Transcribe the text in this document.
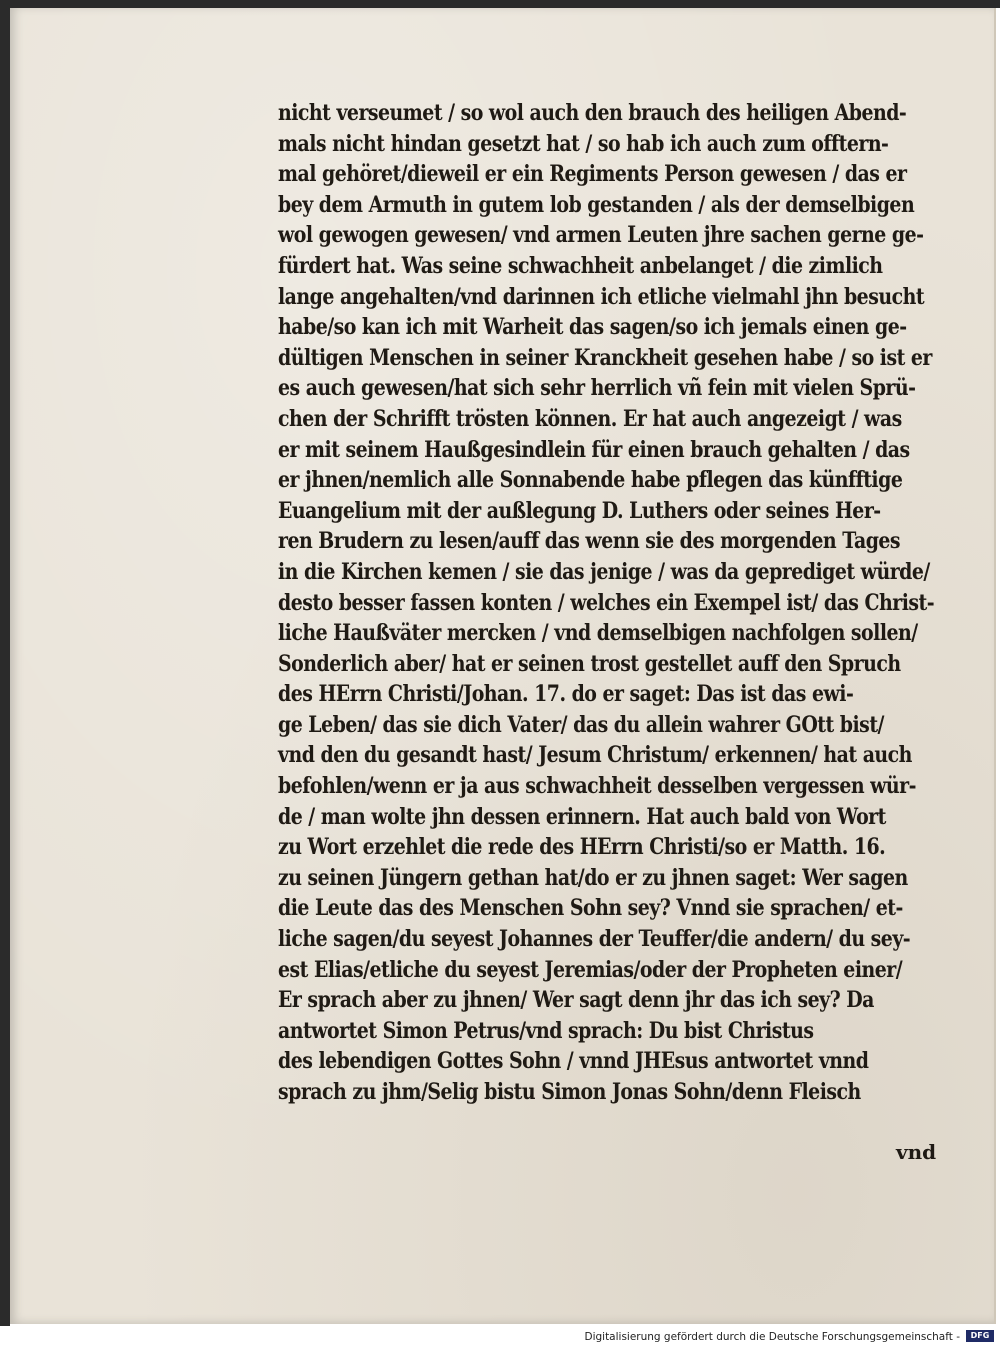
nicht verseumet / so wol auch den brauch des heiligen Abend-
mals nicht hindan gesetzt hat / so hab ich auch zum offtern-
mal gehöret/dieweil er ein Regiments Person gewesen / das er
bey dem Armuth in gutem lob gestanden / als der demselbigen
wol gewogen gewesen/ vnd armen Leuten jhre sachen gerne ge-
fürdert hat. Was seine schwachheit anbelanget / die zimlich
lange angehalten/vnd darinnen ich etliche vielmahl jhn besucht
habe/so kan ich mit Warheit das sagen/so ich jemals einen ge-
dültigen Menschen in seiner Kranckheit gesehen habe / so ist er
es auch gewesen/hat sich sehr herrlich vñ fein mit vielen Sprü-
chen der Schrifft trösten können. Er hat auch angezeigt / was
er mit seinem Haußgesindlein für einen brauch gehalten / das
er jhnen/nemlich alle Sonnabende habe pflegen das künfftige
Euangelium mit der außlegung D. Luthers oder seines Her-
ren Brudern zu lesen/auff das wenn sie des morgenden Tages
in die Kirchen kemen / sie das jenige / was da geprediget würde/
desto besser fassen konten / welches ein Exempel ist/ das Christ-
liche Haußväter mercken / vnd demselbigen nachfolgen sollen/
Sonderlich aber/ hat er seinen trost gestellet auff den Spruch
des HErrn Christi/Johan. 17. do er saget: Das ist das ewi-
ge Leben/ das sie dich Vater/ das du allein wahrer GOtt bist/
vnd den du gesandt hast/ Jesum Christum/ erkennen/ hat auch
befohlen/wenn er ja aus schwachheit desselben vergessen wür-
de / man wolte jhn dessen erinnern. Hat auch bald von Wort
zu Wort erzehlet die rede des HErrn Christi/so er Matth. 16.
zu seinen Jüngern gethan hat/do er zu jhnen saget: Wer sagen
die Leute das des Menschen Sohn sey? Vnnd sie sprachen/ et-
liche sagen/du seyest Johannes der Teuffer/die andern/ du sey-
est Elias/etliche du seyest Jeremias/oder der Propheten einer/
Er sprach aber zu jhnen/ Wer sagt denn jhr das ich sey? Da
antwortet Simon Petrus/vnd sprach: Du bist Christus
des lebendigen Gottes Sohn / vnnd JHEsus antwortet vnnd
sprach zu jhm/Selig bistu Simon Jonas Sohn/denn Fleisch
vnd
Digitalisierung gefördert durch die Deutsche Forschungsgemeinschaft -	DFG
